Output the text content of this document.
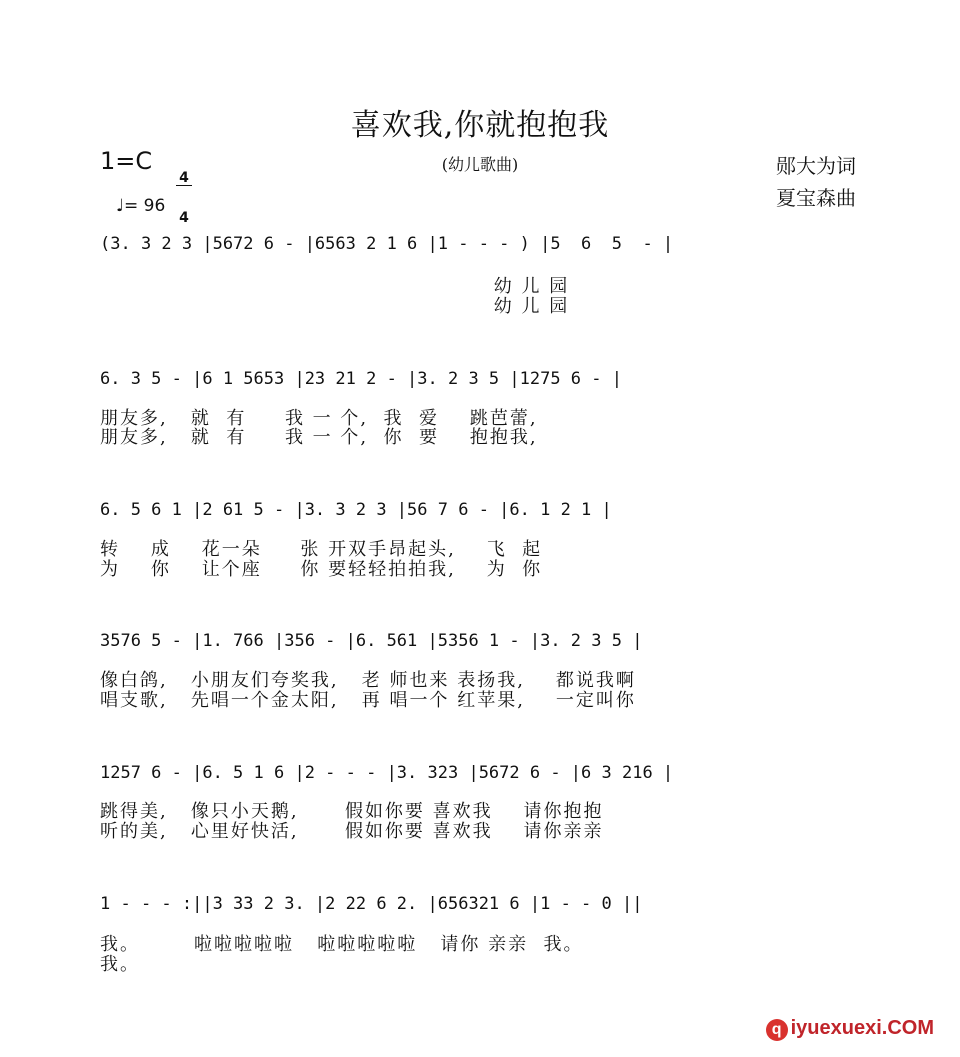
喜欢我,你就抱抱我
1=C

4

4

♩= 96
(幼儿歌曲)	郧大为词
夏宝森曲
(3. 3 2 3 |5672 6 - |6563 2 1 6 |1 - - - ) |5  6  5  - |
幼 儿 园
幼 儿 园
6. 3 5 - |6 1 5653 |23 21 2 - |3. 2 3 5 |1275 6 - |
朋友多,   就  有     我 一 个,  我  爱    跳芭蕾,
朋友多,   就  有     我 一 个,  你  要    抱抱我,
6. 5 6 1 |2 61 5 - |3. 3 2 3 |56 7 6 - |6. 1 2 1 |
转    成    花一朵     张 开双手昂起头,    飞  起
为    你    让个座     你 要轻轻拍拍我,    为  你
3576 5 - |1. 766 |356 - |6. 561 |5356 1 - |3. 2 3 5 |
像白鸽,   小朋友们夸奖我,   老 师也来 表扬我,    都说我啊
唱支歌,   先唱一个金太阳,   再 唱一个 红苹果,    一定叫你
1257 6 - |6. 5 1 6 |2 - - - |3. 323 |5672 6 - |6 3 216 |
跳得美,   像只小天鹅,      假如你要 喜欢我    请你抱抱
听的美,   心里好快活,      假如你要 喜欢我    请你亲亲
1 - - - :||3 33 2 3. |2 22 6 2. |656321 6 |1 - - 0 ||
我。       啦啦啦啦啦   啦啦啦啦啦   请你 亲亲  我。
我。
q iyuexuexi.COM
